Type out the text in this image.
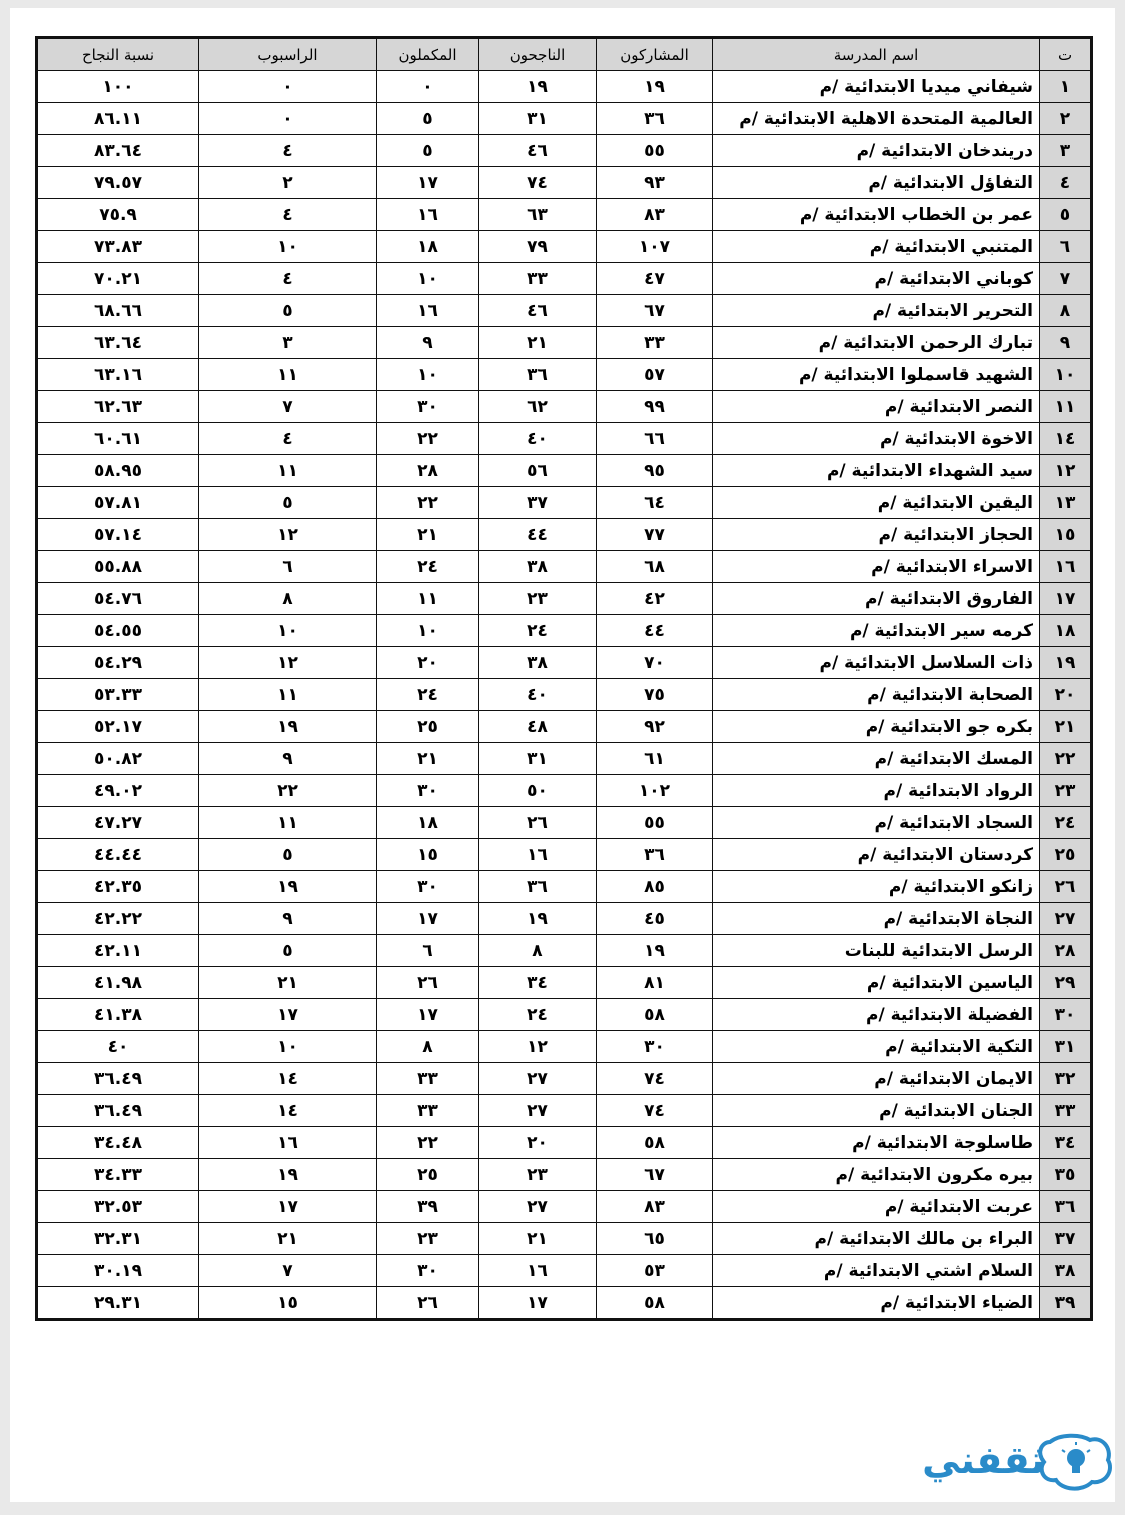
ت	اسم المدرسة	المشاركون	الناجحون	المكملون	الراسبوب	نسبة النجاح
١	شيفاني ميديا الابتدائية /م	١٩	١٩	٠	٠	١٠٠
٢	العالمية المتحدة الاهلية الابتدائية /م	٣٦	٣١	٥	٠	٨٦.١١
٣	دريندخان الابتدائية /م	٥٥	٤٦	٥	٤	٨٣.٦٤
٤	التفاؤل الابتدائية /م	٩٣	٧٤	١٧	٢	٧٩.٥٧
٥	عمر بن الخطاب الابتدائية /م	٨٣	٦٣	١٦	٤	٧٥.٩
٦	المتنبي الابتدائية /م	١٠٧	٧٩	١٨	١٠	٧٣.٨٣
٧	كوباني الابتدائية /م	٤٧	٣٣	١٠	٤	٧٠.٢١
٨	التحرير الابتدائية /م	٦٧	٤٦	١٦	٥	٦٨.٦٦
٩	تبارك الرحمن الابتدائية /م	٣٣	٢١	٩	٣	٦٣.٦٤
١٠	الشهيد قاسملوا الابتدائية /م	٥٧	٣٦	١٠	١١	٦٣.١٦
١١	النصر الابتدائية /م	٩٩	٦٢	٣٠	٧	٦٢.٦٣
١٤	الاخوة الابتدائية /م	٦٦	٤٠	٢٢	٤	٦٠.٦١
١٢	سيد الشهداء الابتدائية /م	٩٥	٥٦	٢٨	١١	٥٨.٩٥
١٣	اليقين الابتدائية /م	٦٤	٣٧	٢٢	٥	٥٧.٨١
١٥	الحجاز الابتدائية /م	٧٧	٤٤	٢١	١٢	٥٧.١٤
١٦	الاسراء الابتدائية /م	٦٨	٣٨	٢٤	٦	٥٥.٨٨
١٧	الفاروق الابتدائية /م	٤٢	٢٣	١١	٨	٥٤.٧٦
١٨	كرمه سير الابتدائية /م	٤٤	٢٤	١٠	١٠	٥٤.٥٥
١٩	ذات السلاسل الابتدائية /م	٧٠	٣٨	٢٠	١٢	٥٤.٢٩
٢٠	الصحابة الابتدائية /م	٧٥	٤٠	٢٤	١١	٥٣.٣٣
٢١	بكره جو الابتدائية /م	٩٢	٤٨	٢٥	١٩	٥٢.١٧
٢٢	المسك الابتدائية /م	٦١	٣١	٢١	٩	٥٠.٨٢
٢٣	الرواد الابتدائية /م	١٠٢	٥٠	٣٠	٢٢	٤٩.٠٢
٢٤	السجاد الابتدائية /م	٥٥	٢٦	١٨	١١	٤٧.٢٧
٢٥	كردستان الابتدائية /م	٣٦	١٦	١٥	٥	٤٤.٤٤
٢٦	زانكو الابتدائية /م	٨٥	٣٦	٣٠	١٩	٤٢.٣٥
٢٧	النجاة الابتدائية /م	٤٥	١٩	١٧	٩	٤٢.٢٢
٢٨	الرسل الابتدائية للبنات	١٩	٨	٦	٥	٤٢.١١
٢٩	الياسين الابتدائية /م	٨١	٣٤	٢٦	٢١	٤١.٩٨
٣٠	الفضيلة الابتدائية /م	٥٨	٢٤	١٧	١٧	٤١.٣٨
٣١	التكية الابتدائية /م	٣٠	١٢	٨	١٠	٤٠
٣٢	الايمان الابتدائية /م	٧٤	٢٧	٣٣	١٤	٣٦.٤٩
٣٣	الجنان الابتدائية /م	٧٤	٢٧	٣٣	١٤	٣٦.٤٩
٣٤	طاسلوجة الابتدائية /م	٥٨	٢٠	٢٢	١٦	٣٤.٤٨
٣٥	بيره مكرون الابتدائية /م	٦٧	٢٣	٢٥	١٩	٣٤.٣٣
٣٦	عربت الابتدائية /م	٨٣	٢٧	٣٩	١٧	٣٢.٥٣
٣٧	البراء بن مالك الابتدائية /م	٦٥	٢١	٢٣	٢١	٣٢.٣١
٣٨	السلام اشتي الابتدائية /م	٥٣	١٦	٣٠	٧	٣٠.١٩
٣٩	الضياء الابتدائية /م	٥٨	١٧	٢٦	١٥	٢٩.٣١
ثقفني
